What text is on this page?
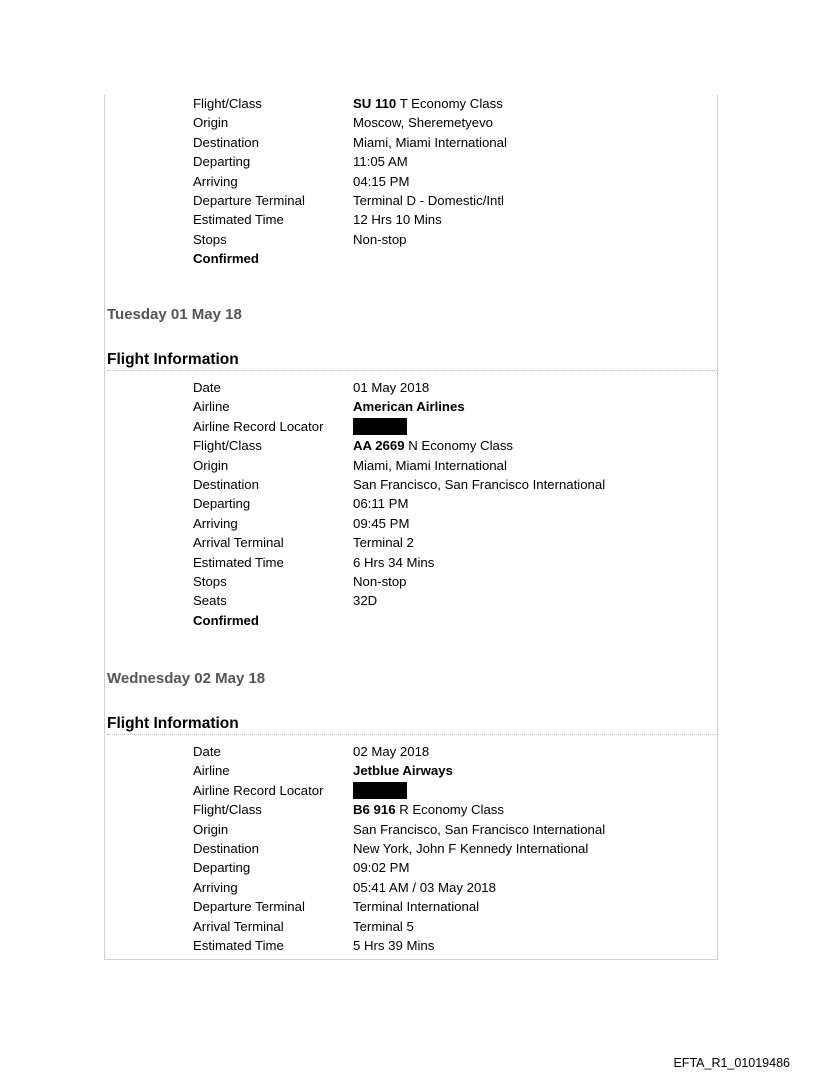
Flight/Class	SU 110 T Economy Class
Origin	Moscow, Sheremetyevo
Destination	Miami, Miami International
Departing	11:05 AM
Arriving	04:15 PM
Departure Terminal	Terminal D - Domestic/Intl
Estimated Time	12 Hrs 10 Mins
Stops	Non-stop
Confirmed
Tuesday 01 May 18
Flight Information
Date	01 May 2018
Airline	American Airlines
Airline Record Locator
Flight/Class	AA 2669 N Economy Class
Origin	Miami, Miami International
Destination	San Francisco, San Francisco International
Departing	06:11 PM
Arriving	09:45 PM
Arrival Terminal	Terminal 2
Estimated Time	6 Hrs 34 Mins
Stops	Non-stop
Seats	32D
Confirmed
Wednesday 02 May 18
Flight Information
Date	02 May 2018
Airline	Jetblue Airways
Airline Record Locator
Flight/Class	B6 916 R Economy Class
Origin	San Francisco, San Francisco International
Destination	New York, John F Kennedy International
Departing	09:02 PM
Arriving	05:41 AM / 03 May 2018
Departure Terminal	Terminal International
Arrival Terminal	Terminal 5
Estimated Time	5 Hrs 39 Mins
EFTA_R1_01019486
